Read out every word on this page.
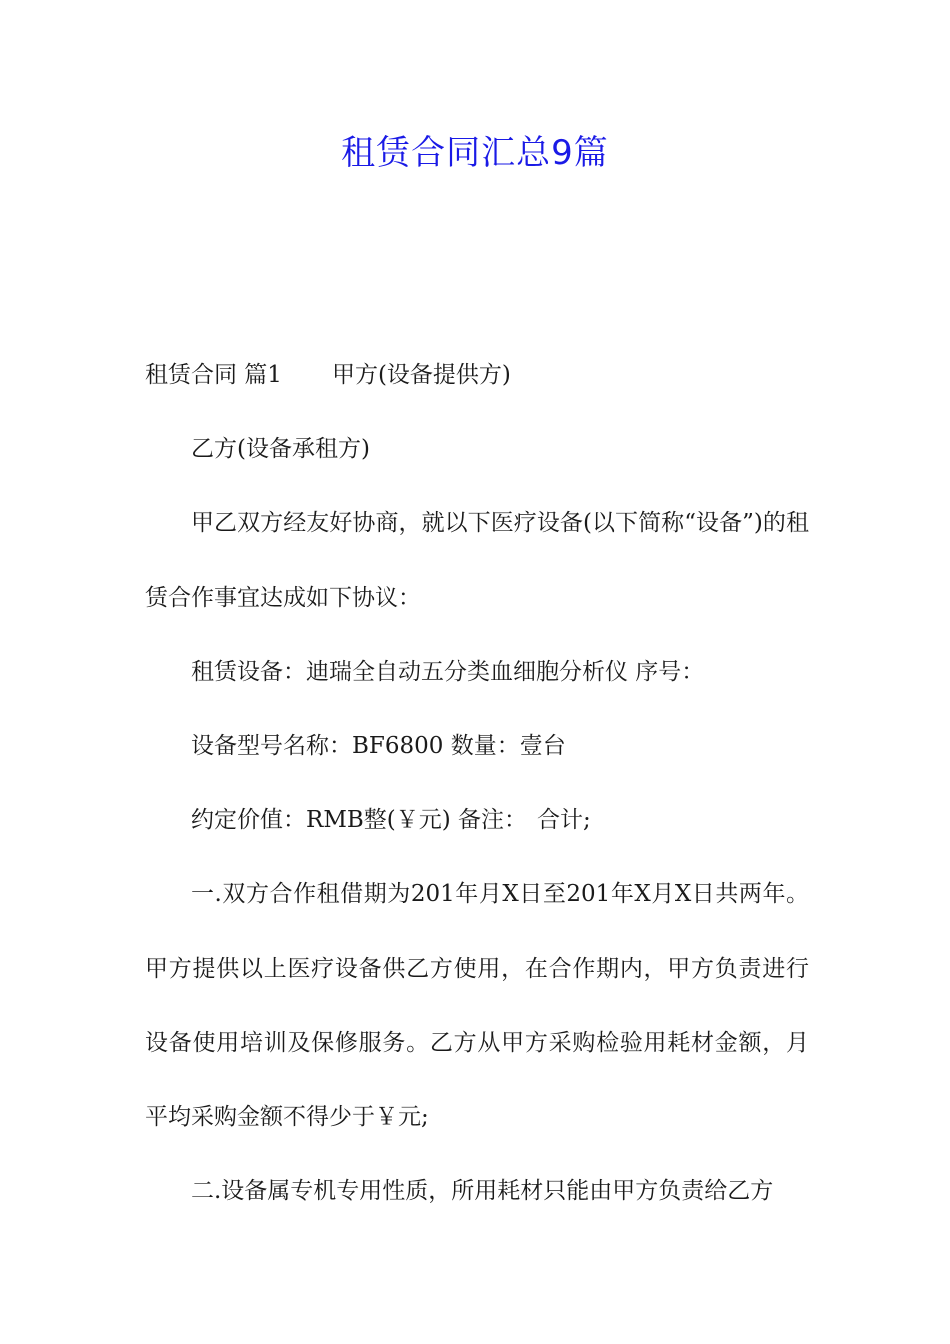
租赁合同汇总9篇

租赁合同 篇1 甲方(设备提供方)

乙方(设备承租方)

甲乙双方经友好协商，就以下医疗设备(以下简称“设备”)的租赁合作事宜达成如下协议：

租赁设备：迪瑞全自动五分类血细胞分析仪 序号：

设备型号名称：BF6800 数量：壹台

约定价值：RMB整(￥元) 备注： 合计;

一.双方合作租借期为201年月X日至201年X月X日共两年。甲方提供以上医疗设备供乙方使用，在合作期内，甲方负责进行设备使用培训及保修服务。乙方从甲方采购检验用耗材金额，月平均采购金额不得少于￥元;

二.设备属专机专用性质，所用耗材只能由甲方负责给乙方
